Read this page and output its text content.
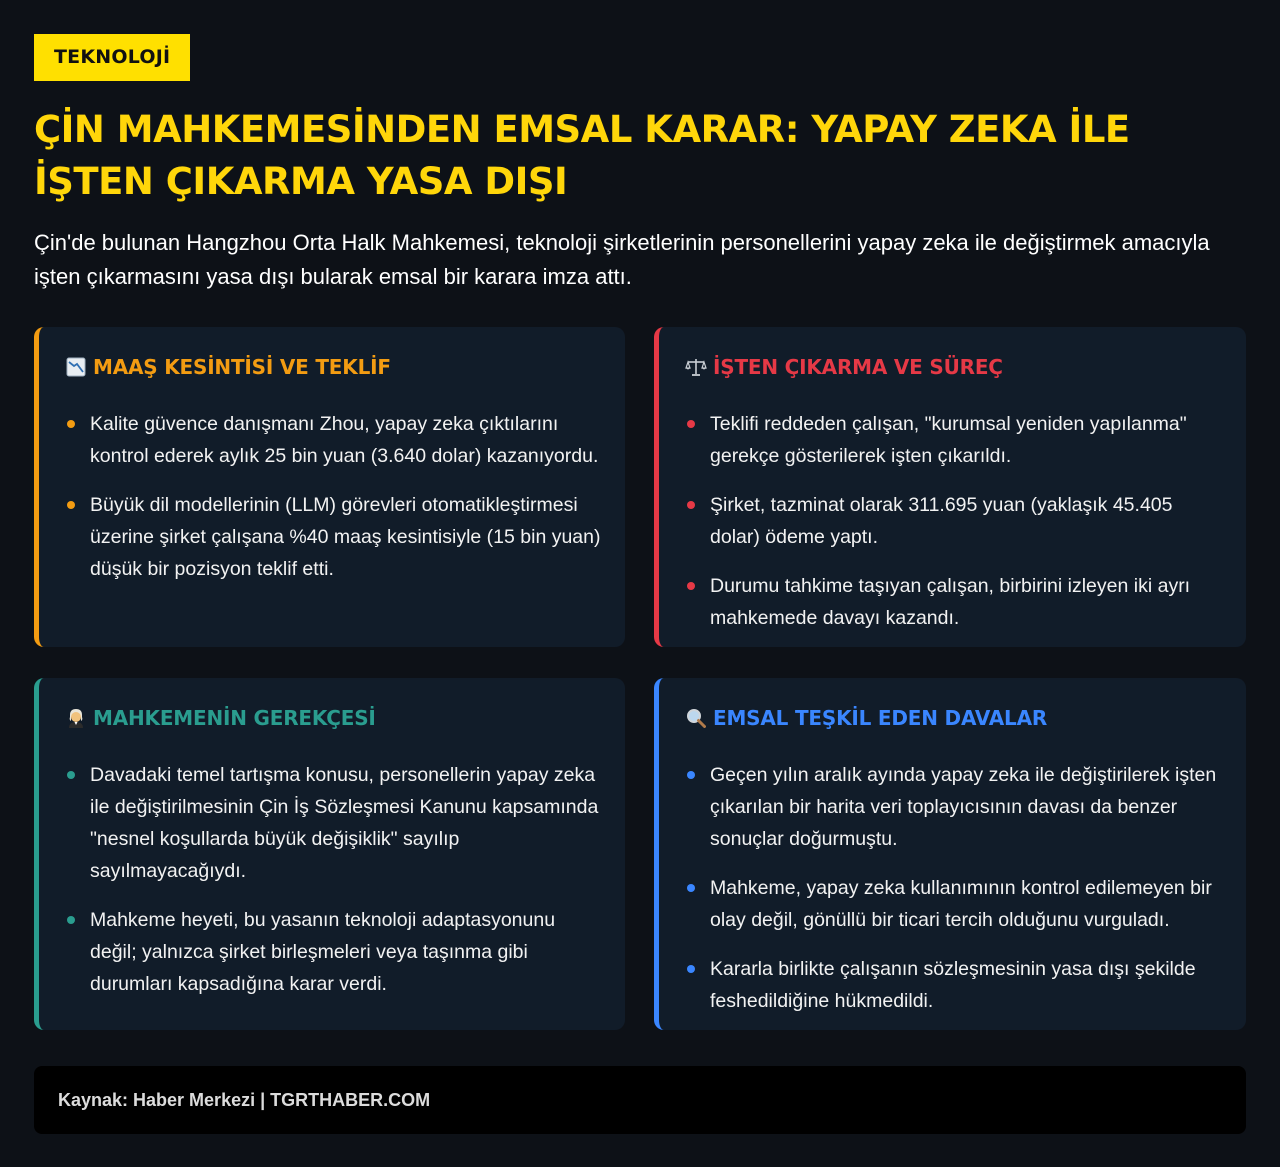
TEKNOLOJİ
ÇİN MAHKEMESİNDEN EMSAL KARAR: YAPAY ZEKA İLE İŞTEN ÇIKARMA YASA DIŞI

Çin'de bulunan Hangzhou Orta Halk Mahkemesi, teknoloji şirketlerinin personellerini yapay zeka ile değiştirmek amacıyla işten çıkarmasını yasa dışı bularak emsal bir karara imza attı.

MAAŞ KESİNTİSİ VE TEKLİF
Kalite güvence danışmanı Zhou, yapay zeka çıktılarını kontrol ederek aylık 25 bin yuan (3.640 dolar) kazanıyordu.
Büyük dil modellerinin (LLM) görevleri otomatikleştirmesi üzerine şirket çalışana %40 maaş kesintisiyle (15 bin yuan) düşük bir pozisyon teklif etti.
İŞTEN ÇIKARMA VE SÜREÇ
Teklifi reddeden çalışan, "kurumsal yeniden yapılanma" gerekçe gösterilerek işten çıkarıldı.
Şirket, tazminat olarak 311.695 yuan (yaklaşık 45.405 dolar) ödeme yaptı.
Durumu tahkime taşıyan çalışan, birbirini izleyen iki ayrı mahkemede davayı kazandı.
MAHKEMENİN GEREKÇESİ
Davadaki temel tartışma konusu, personellerin yapay zeka ile değiştirilmesinin Çin İş Sözleşmesi Kanunu kapsamında "nesnel koşullarda büyük değişiklik" sayılıp sayılmayacağıydı.
Mahkeme heyeti, bu yasanın teknoloji adaptasyonunu değil; yalnızca şirket birleşmeleri veya taşınma gibi durumları kapsadığına karar verdi.
EMSAL TEŞKİL EDEN DAVALAR
Geçen yılın aralık ayında yapay zeka ile değiştirilerek işten çıkarılan bir harita veri toplayıcısının davası da benzer sonuçlar doğurmuştu.
Mahkeme, yapay zeka kullanımının kontrol edilemeyen bir olay değil, gönüllü bir ticari tercih olduğunu vurguladı.
Kararla birlikte çalışanın sözleşmesinin yasa dışı şekilde feshedildiğine hükmedildi.
Kaynak: Haber Merkezi | TGRTHABER.COM
